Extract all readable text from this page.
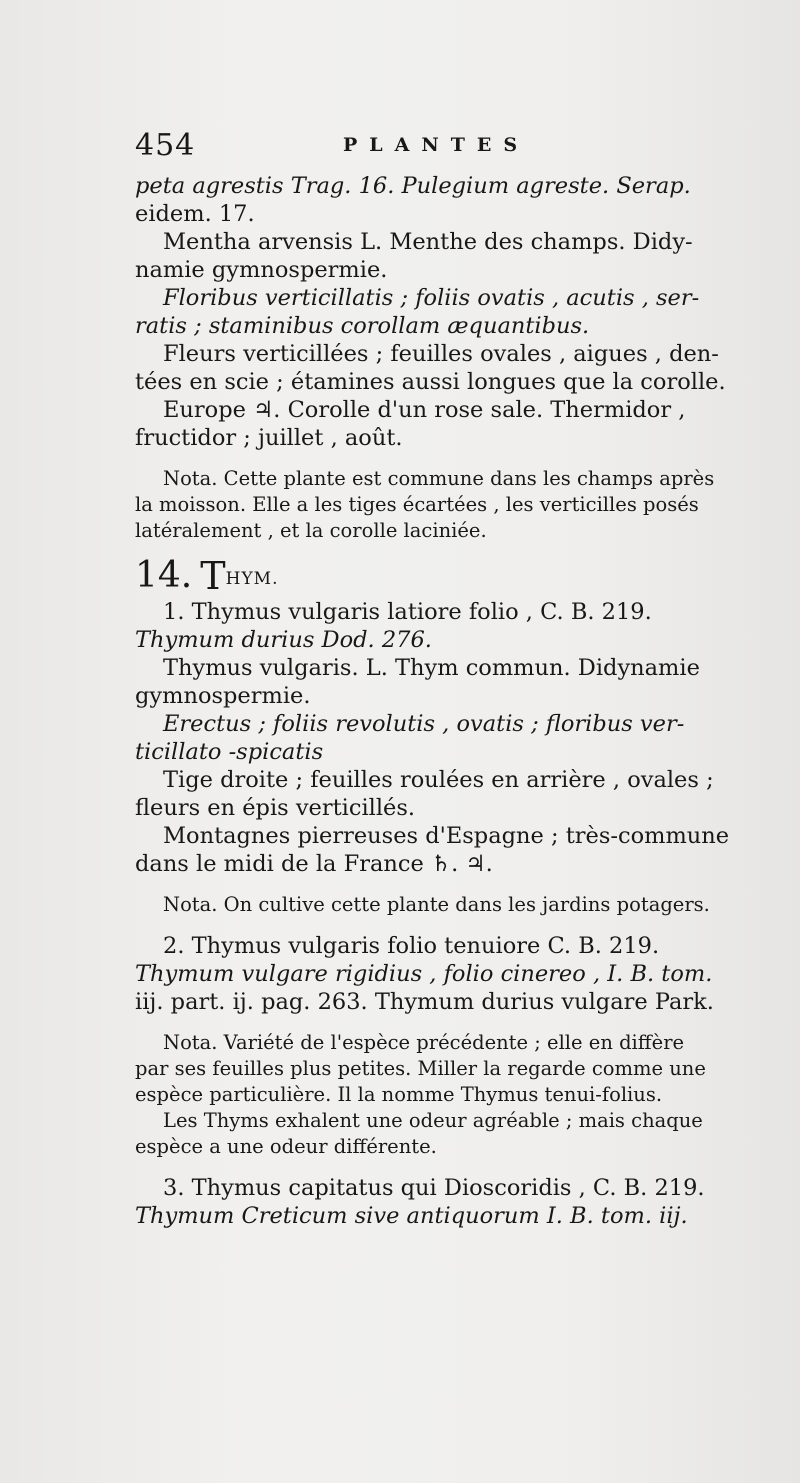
454	PLANTES
peta agrestis Trag. 16. Pulegium agreste. Serap.
eidem. 17.
Mentha arvensis L. Menthe des champs. Didy-
namie gymnospermie.
Floribus verticillatis ; foliis ovatis , acutis , ser-
ratis ; staminibus corollam æquantibus.
Fleurs verticillées ; feuilles ovales , aigues , den-
tées en scie ; étamines aussi longues que la corolle.
Europe ♃. Corolle d'un rose sale. Thermidor ,
fructidor ; juillet , août.
Nota. Cette plante est commune dans les champs après
la moisson. Elle a les tiges écartées , les verticilles posés
latéralement , et la corolle laciniée.
14. T HYM.
1. Thymus vulgaris latiore folio , C. B. 219.
Thymum durius Dod. 276.
Thymus vulgaris. L. Thym commun. Didynamie
gymnospermie.
Erectus ; foliis revolutis , ovatis ; floribus ver-
ticillato -spicatis
Tige droite ; feuilles roulées en arrière , ovales ;
fleurs en épis verticillés.
Montagnes pierreuses d'Espagne ; très-commune
dans le midi de la France ♄. ♃.
Nota. On cultive cette plante dans les jardins potagers.
2. Thymus vulgaris folio tenuiore C. B. 219.
Thymum vulgare rigidius , folio cinereo , I. B. tom.
iij. part. ij. pag. 263. Thymum durius vulgare Park.
Nota. Variété de l'espèce précédente ; elle en diffère
par ses feuilles plus petites. Miller la regarde comme une
espèce particulière. Il la nomme Thymus tenui-folius.
Les Thyms exhalent une odeur agréable ; mais chaque
espèce a une odeur différente.
3. Thymus capitatus qui Dioscoridis , C. B. 219.
Thymum Creticum sive antiquorum I. B. tom. iij.
